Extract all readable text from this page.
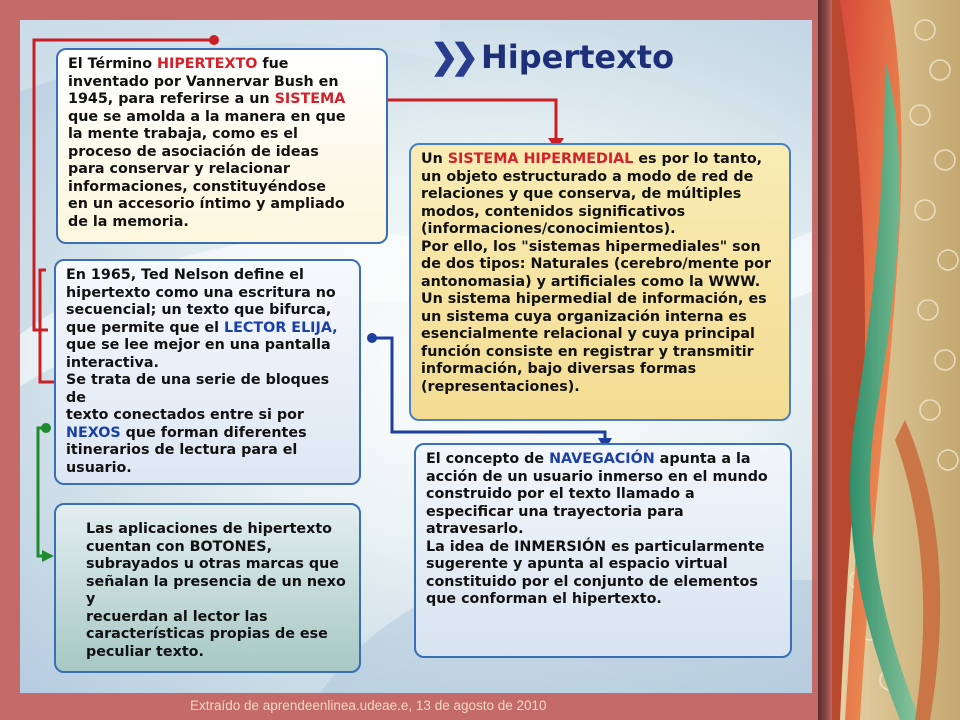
❯❯ Hipertexto

El Término HIPERTEXTO fue

inventado por Vannervar Bush en

1945, para referirse a un SISTEMA

que se amolda a la manera en que

la mente trabaja, como es el

proceso de asociación de ideas

para conservar y relacionar

informaciones, constituyéndose

en un accesorio íntimo y ampliado

de la memoria.

Un SISTEMA HIPERMEDIAL es por lo tanto,

un objeto estructurado a modo de red de

relaciones y que conserva, de múltiples

modos, contenidos significativos

(informaciones/conocimientos).

Por ello, los "sistemas hipermediales" son

de dos tipos: Naturales (cerebro/mente por

antonomasia) y artificiales como la WWW.

Un sistema hipermedial de información, es

un sistema cuya organización interna es

esencialmente relacional y cuya principal

función consiste en registrar y transmitir

información, bajo diversas formas

(representaciones).

En 1965, Ted Nelson define el

hipertexto como una escritura no

secuencial; un texto que bifurca,

que permite que el LECTOR ELIJA,

que se lee mejor en una pantalla

interactiva.

Se trata de una serie de bloques de

texto conectados entre si por

NEXOS que forman diferentes

itinerarios de lectura para el

usuario.

El concepto de NAVEGACIÓN apunta a la

acción de un usuario inmerso en el mundo

construido por el texto llamado a

especificar una trayectoria para

atravesarlo.

La idea de INMERSIÓN es particularmente

sugerente y apunta al espacio virtual

constituido por el conjunto de elementos

que conforman el hipertexto.

Las aplicaciones de hipertexto

cuentan con BOTONES,

subrayados u otras marcas que

señalan la presencia de un nexo y

recuerdan al lector las

características propias de ese

peculiar texto.

Extraído de aprendeenlinea.udeae.e, 13 de agosto de 2010
